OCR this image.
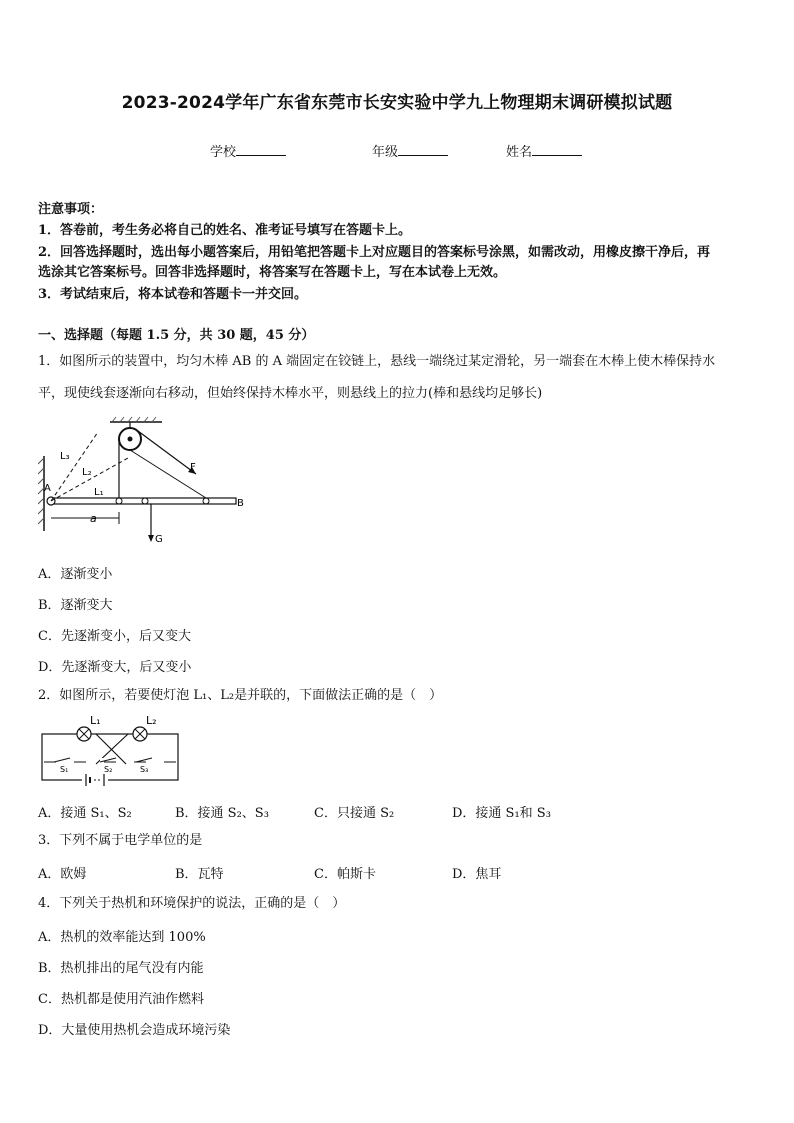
2023-2024学年广东省东莞市长安实验中学九上物理期末调研模拟试题
学校	年级	姓名
注意事项：
1．答卷前，考生务必将自己的姓名、准考证号填写在答题卡上。
2．回答选择题时，选出每小题答案后，用铅笔把答题卡上对应题目的答案标号涂黑，如需改动，用橡皮擦干净后，再
选涂其它答案标号。回答非选择题时，将答案写在答题卡上，写在本试卷上无效。
3．考试结束后，将本试卷和答题卡一并交回。
一、选择题（每题 1.5 分，共 30 题，45 分）
1．如图所示的装置中，均匀木棒 AB 的 A 端固定在铰链上，悬线一端绕过某定滑轮，另一端套在木棒上使木棒保持水
平，现使线套逐渐向右移动，但始终保持木棒水平，则悬线上的拉力(棒和悬线均足够长)
L₃
L₂
L₁
A
B
F
G
a
A．逐渐变小
B．逐渐变大
C．先逐渐变小，后又变大
D．先逐渐变大，后又变小
2．如图所示，若要使灯泡 L₁、L₂是并联的，下面做法正确的是（　）
L₁	L₂
S₁	S₂	S₃
A．接通 S₁、S₂	B．接通 S₂、S₃	C．只接通 S₂	D．接通 S₁和 S₃
3．下列不属于电学单位的是
A．欧姆	B．瓦特	C．帕斯卡	D．焦耳
4．下列关于热机和环境保护的说法，正确的是（　）
A．热机的效率能达到 100%
B．热机排出的尾气没有内能
C．热机都是使用汽油作燃料
D．大量使用热机会造成环境污染
